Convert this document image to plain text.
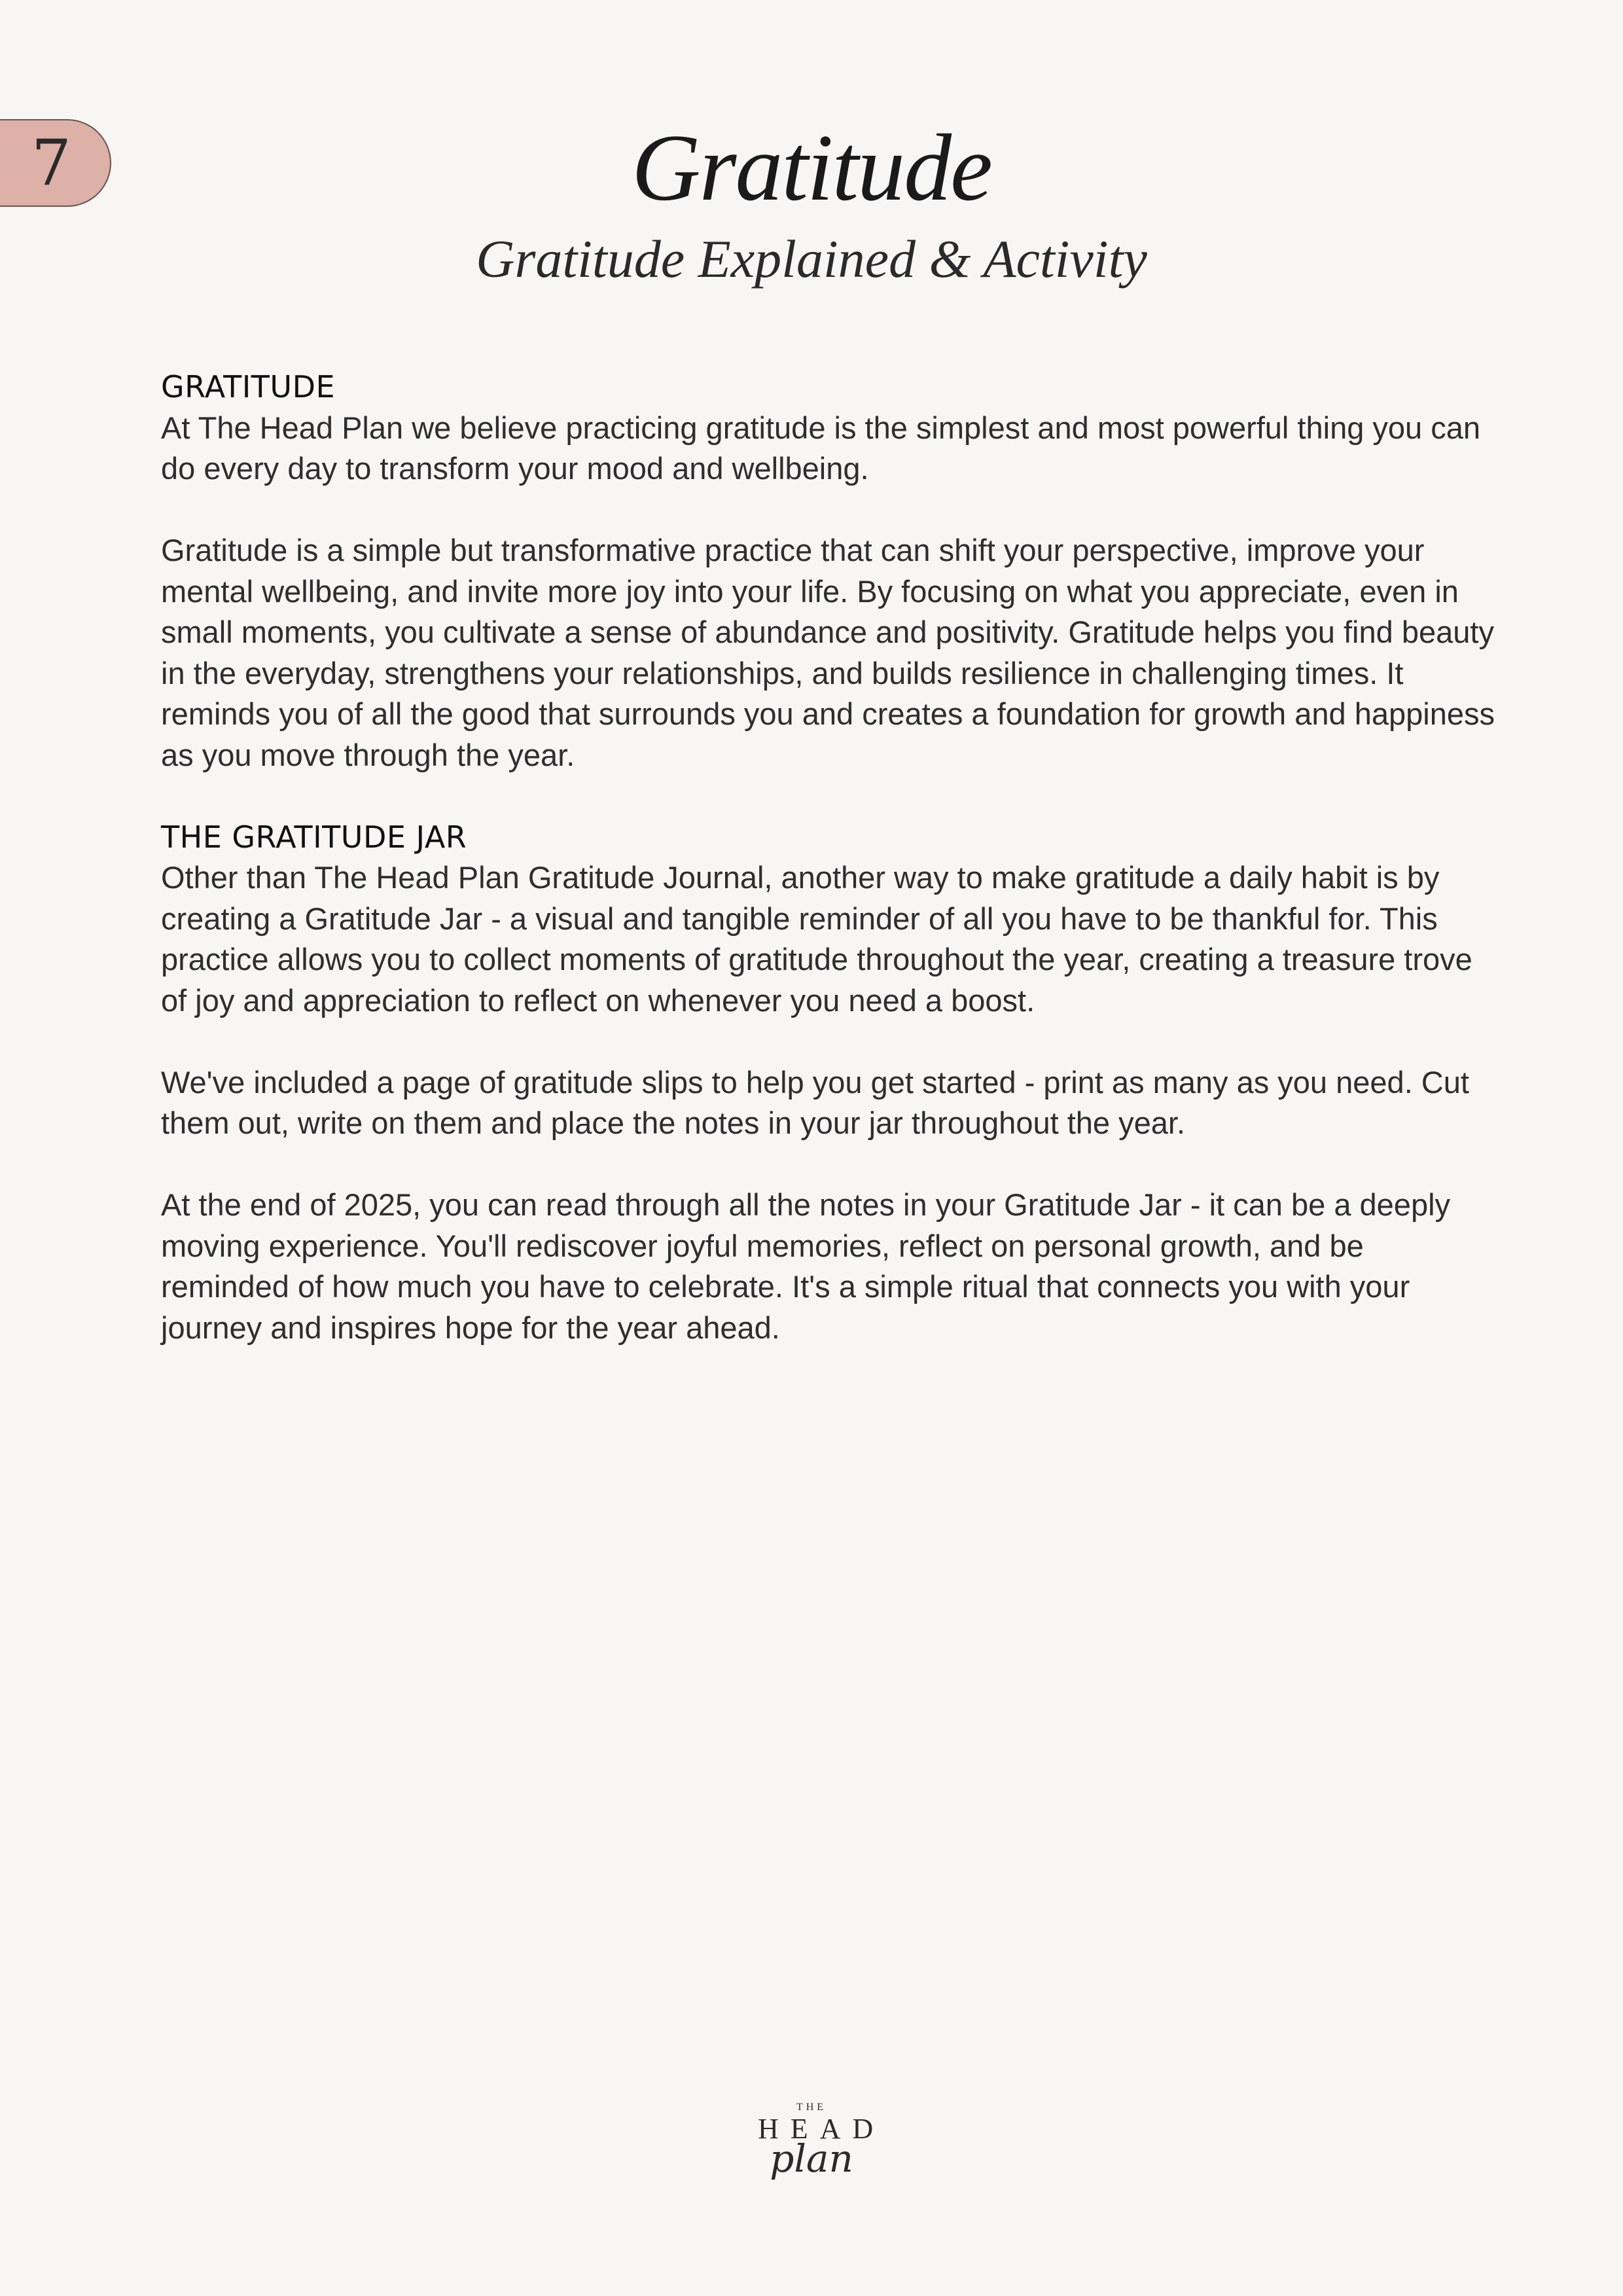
7	Gratitude
Gratitude Explained & Activity
GRATITUDE

At The Head Plan we believe practicing gratitude is the simplest and most powerful thing you can do every day to transform your mood and wellbeing.

Gratitude is a simple but transformative practice that can shift your perspective, improve your mental wellbeing, and invite more joy into your life. By focusing on what you appreciate, even in small moments, you cultivate a sense of abundance and positivity. Gratitude helps you find beauty in the everyday, strengthens your relationships, and builds resilience in challenging times. It reminds you of all the good that surrounds you and creates a foundation for growth and happiness as you move through the year.

THE GRATITUDE JAR

Other than The Head Plan Gratitude Journal, another way to make gratitude a daily habit is by creating a Gratitude Jar - a visual and tangible reminder of all you have to be thankful for. This practice allows you to collect moments of gratitude throughout the year, creating a treasure trove of joy and appreciation to reflect on whenever you need a boost.

We've included a page of gratitude slips to help you get started - print as many as you need. Cut them out, write on them and place the notes in your jar throughout the year.

At the end of 2025, you can read through all the notes in your Gratitude Jar - it can be a deeply moving experience. You'll rediscover joyful memories, reflect on personal growth, and be reminded of how much you have to celebrate. It's a simple ritual that connects you with your journey and inspires hope for the year ahead.

THE
HEAD
plan
